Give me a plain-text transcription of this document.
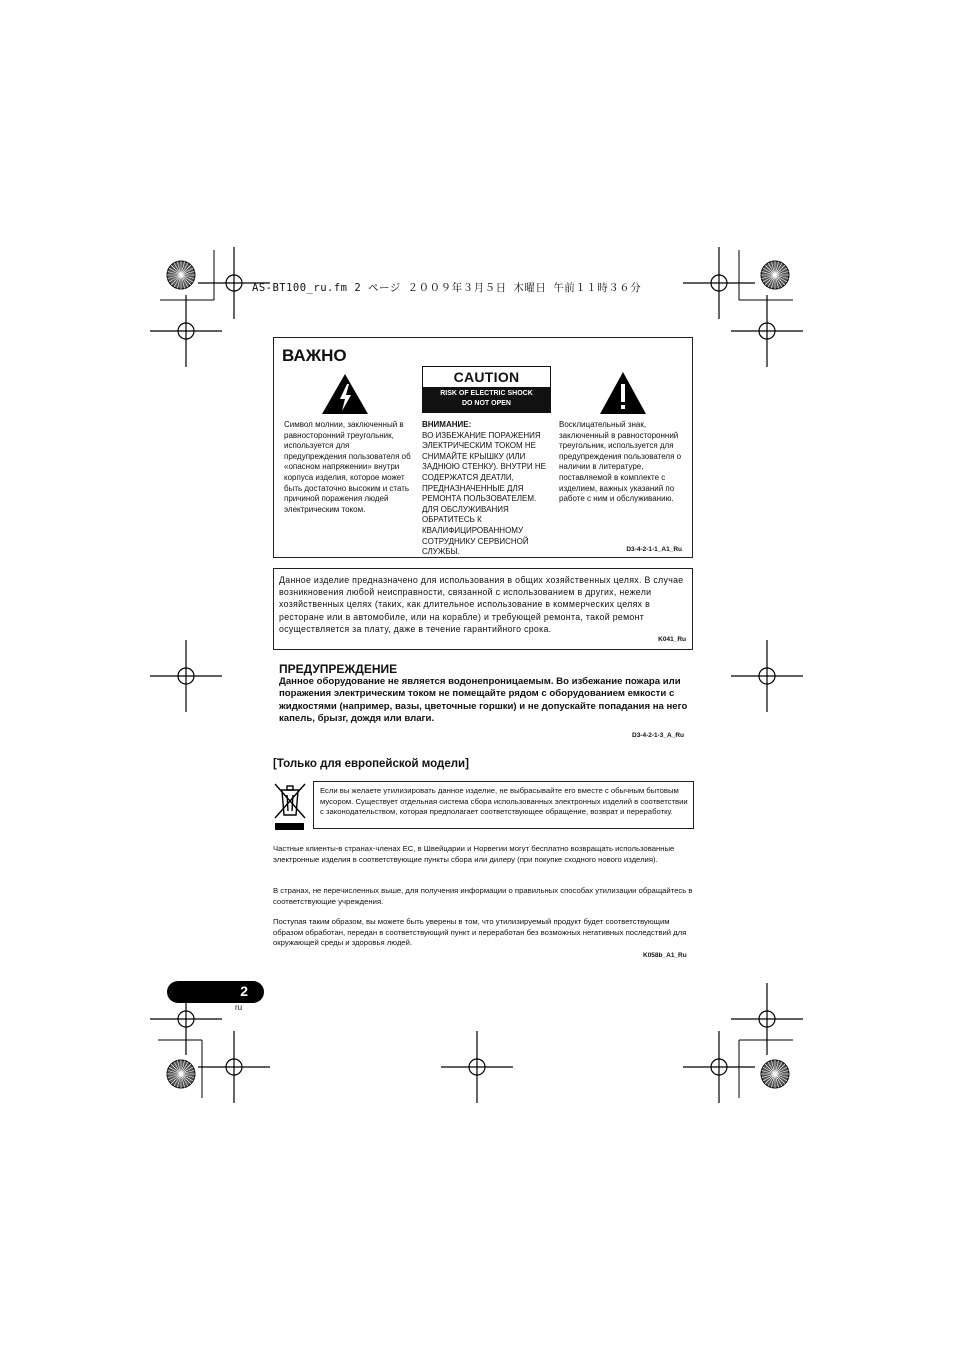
AS-BT100_ru.fm 2 ページ ２００９年３月５日 木曜日 午前１１時３６分
ВАЖНО
CAUTION
RISK OF ELECTRIC SHOCK
DO NOT OPEN
Символ молнии, заключенный в равносторонний треугольник, используется для предупреждения пользователя об «опасном напряжении» внутри корпуса изделия, которое может быть достаточно высоким и стать причиной поражения людей электрическим током.
ВНИМАНИЕ:
ВО ИЗБЕЖАНИЕ ПОРАЖЕНИЯ ЭЛЕКТРИЧЕСКИМ ТОКОМ НЕ СНИМАЙТЕ КРЫШКУ (ИЛИ ЗАДНЮЮ СТЕНКУ). ВНУТРИ НЕ СОДЕРЖАТСЯ ДЕАТЛИ, ПРЕДНАЗНАЧЕННЫЕ ДЛЯ РЕМОНТА ПОЛЬЗОВАТЕЛЕМ. ДЛЯ ОБСЛУЖИВАНИЯ ОБРАТИТЕСЬ К КВАЛИФИЦИРОВАННОМУ СОТРУДНИКУ СЕРВИСНОЙ СЛУЖБЫ.
Восклицательный знак, заключенный в равносторонний треугольник, используется для предупреждения пользователя о наличии в литературе, поставляемой в комплекте с изделием, важных указаний по работе с ним и обслуживанию.
D3-4-2-1-1_A1_Ru
Данное изделие предназначено для использования в общих хозяйственных целях. В случае возникновения любой неисправности, связанной с использованием в других, нежели хозяйственных целях (таких, как длительное использование в коммерческих целях в ресторане или в автомобиле, или на корабле) и требующей ремонта, такой ремонт осуществляется за плату, даже в течение гарантийного срока.
K041_Ru
ПРЕДУПРЕЖДЕНИЕ
Данное оборудование не является водонепроницаемым. Во избежание пожара или поражения электрическим током не помещайте рядом с оборудованием емкости с жидкостями (например, вазы, цветочные горшки) и не допускайте попадания на него капель, брызг, дождя или влаги.
D3-4-2-1-3_A_Ru
[Только для европейской модели]
Если вы желаете утилизировать данное изделие, не выбрасывайте его вместе с обычным бытовым мусором. Существует отдельная система сбора использованных электронных изделий в соответствии с законодательством, которая предполагает соответствующее обращение, возврат и переработку.
Частные клиенты-в странах-членах ЕС, в Швейцарии и Норвегии могут бесплатно возвращать использованные электронные изделия в соответствующие пункты сбора или дилеру (при покупке сходного нового изделия).
В странах, не перечисленных выше, для получения информации о правильных способах утилизации обращайтесь в соответствующие учреждения.
Поступая таким образом, вы можете быть уверены в том, что утилизируемый продукт будет соответствующим образом обработан, передан в соответствующий пункт и переработан без возможных негативных последствий для окружающей среды и здоровья людей.
K058b_A1_Ru
2
ru
